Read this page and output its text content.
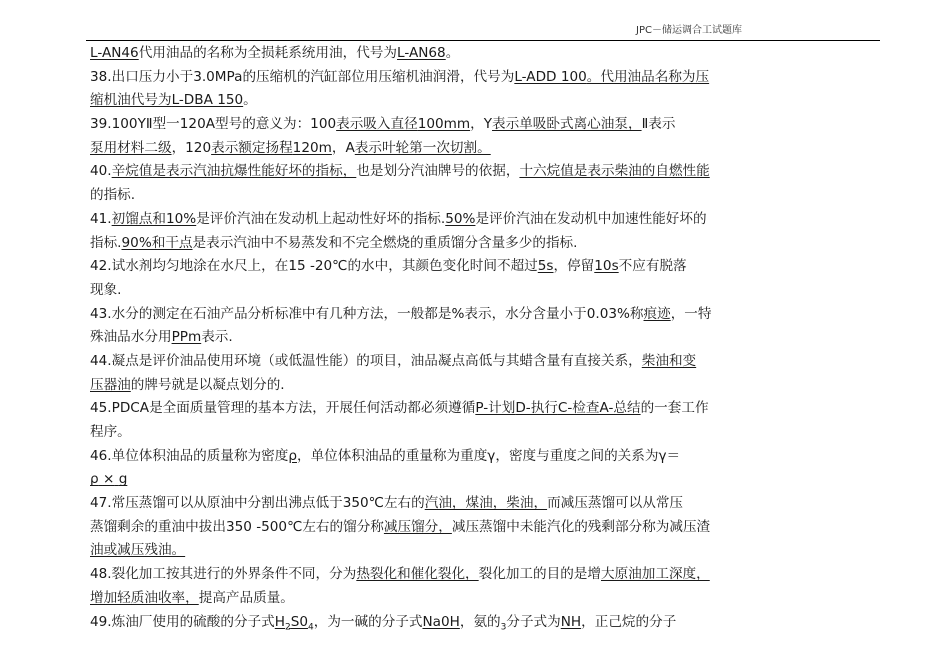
JPC－储运调合工试题库
L-AN46代用油品的名称为全损耗系统用油，代号为L-AN68。
38.出口压力小于3.0MPa的压缩机的汽缸部位用压缩机油润滑，代号为L-ADD 100。代用油品名称为压
缩机油代号为L-DBA 150。
39.100YⅡ型一120A型号的意义为：100表示吸入直径100mm，Y表示单吸卧式离心油泵，Ⅱ表示
泵用材料二级，120表示额定扬程120m，A表示叶轮第一次切割。
40.辛烷值是表示汽油抗爆性能好坏的指标，也是划分汽油牌号的依据，十六烷值是表示柴油的自燃性能
的指标.
41.初馏点和10%是评价汽油在发动机上起动性好坏的指标.50%是评价汽油在发动机中加速性能好坏的
指标.90%和干点是表示汽油中不易蒸发和不完全燃烧的重质馏分含量多少的指标.
42.试水剂均匀地涂在水尺上，在15 -20℃的水中，其颜色变化时间不超过5s，停留10s不应有脱落
现象.
43.水分的测定在石油产品分析标准中有几种方法，一般都是%表示，水分含量小于0.03%称痕迹，一特
殊油品水分用PPm表示.
44.凝点是评价油品使用环境（或低温性能）的项目，油品凝点高低与其蜡含量有直接关系，柴油和变
压器油的牌号就是以凝点划分的.
45.PDCA是全面质量管理的基本方法，开展任何活动都必须遵循P-计划D-执行C-检查A-总结的一套工作
程序。
46.单位体积油品的质量称为密度ρ，单位体积油品的重量称为重度γ，密度与重度之间的关系为γ＝
ρ × g
47.常压蒸馏可以从原油中分割出沸点低于350℃左右的汽油，煤油，柴油，而减压蒸馏可以从常压
蒸馏剩余的重油中拔出350 -500℃左右的馏分称减压馏分，减压蒸馏中未能汽化的残剩部分称为减压渣
油或减压残油。
48.裂化加工按其进行的外界条件不同，分为热裂化和催化裂化，裂化加工的目的是增大原油加工深度，
增加轻质油收率，提高产品质量。
49.炼油厂使用的硫酸的分子式$H_2S0_4$，为一碱的分子式Na0H，氨的$_3$分子式为NH，正己烷的分子
